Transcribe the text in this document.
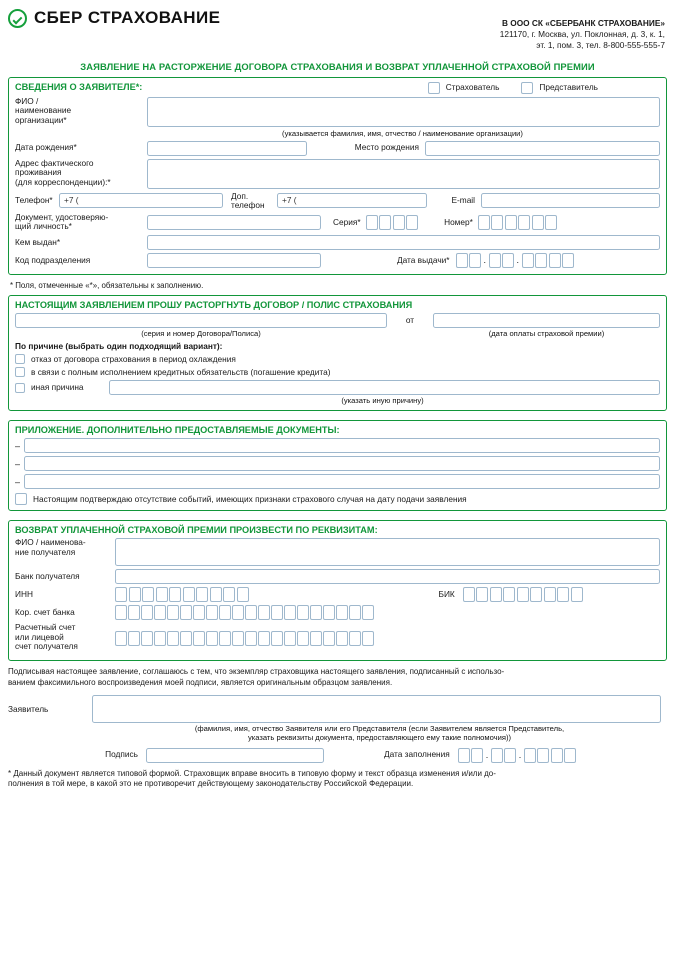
СБЕР СТРАХОВАНИЕ	В ООО СК «СБЕРБАНК СТРАХОВАНИЕ»
121170, г. Москва, ул. Поклонная, д. 3, к. 1,
эт. 1, пом. 3, тел. 8-800-555-555-7
ЗАЯВЛЕНИЕ НА РАСТОРЖЕНИЕ ДОГОВОРА СТРАХОВАНИЯ И ВОЗВРАТ УПЛАЧЕННОЙ СТРАХОВОЙ ПРЕМИИ
СВЕДЕНИЯ О ЗАЯВИТЕЛЕ*:	Страхователь	Представитель
ФИО /
наименование
организации*
(указывается фамилия, имя, отчество / наименование организации)
Дата рождения*	Место рождения
Адрес фактического
проживания
(для корреспонденции):*
Телефон*	+7 (	Доп.
телефон	+7 (	E-mail
Документ, удостоверяю-
щий личность*	Серия*	Номер*
Кем выдан*
Код подразделения	Дата выдачи*	.	.
* Поля, отмеченные «*», обязательны к заполнению.
НАСТОЯЩИМ ЗАЯВЛЕНИЕМ ПРОШУ РАСТОРГНУТЬ ДОГОВОР / ПОЛИС СТРАХОВАНИЯ
от
(серия и номер Договора/Полиса)	(дата оплаты страховой премии)
По причине (выбрать один подходящий вариант):
отказ от договора страхования в период охлаждения
в связи с полным исполнением кредитных обязательств (погашение кредита)
иная причина
(указать иную причину)
ПРИЛОЖЕНИЕ. ДОПОЛНИТЕЛЬНО ПРЕДОСТАВЛЯЕМЫЕ ДОКУМЕНТЫ:
–
–
–
Настоящим подтверждаю отсутствие событий, имеющих признаки страхового случая на дату подачи заявления
ВОЗВРАТ УПЛАЧЕННОЙ СТРАХОВОЙ ПРЕМИИ ПРОИЗВЕСТИ ПО РЕКВИЗИТАМ:
ФИО / наименова-
ние получателя
Банк получателя
ИНН	БИК
Кор. счет банка
Расчетный счет
или лицевой
счет получателя
Подписывая настоящее заявление, соглашаюсь с тем, что экземпляр страховщика настоящего заявления, подписанный с использо-
ванием факсимильного воспроизведения моей подписи, является оригинальным образцом заявления.
Заявитель
(фамилия, имя, отчество Заявителя или его Представителя (если Заявителем является Представитель,
указать реквизиты документа, предоставляющего ему такие полномочия))
Подпись	Дата заполнения	.	.
* Данный документ является типовой формой. Страховщик вправе вносить в типовую форму и текст образца изменения и/или до-
полнения в той мере, в какой это не противоречит действующему законодательству Российской Федерации.
